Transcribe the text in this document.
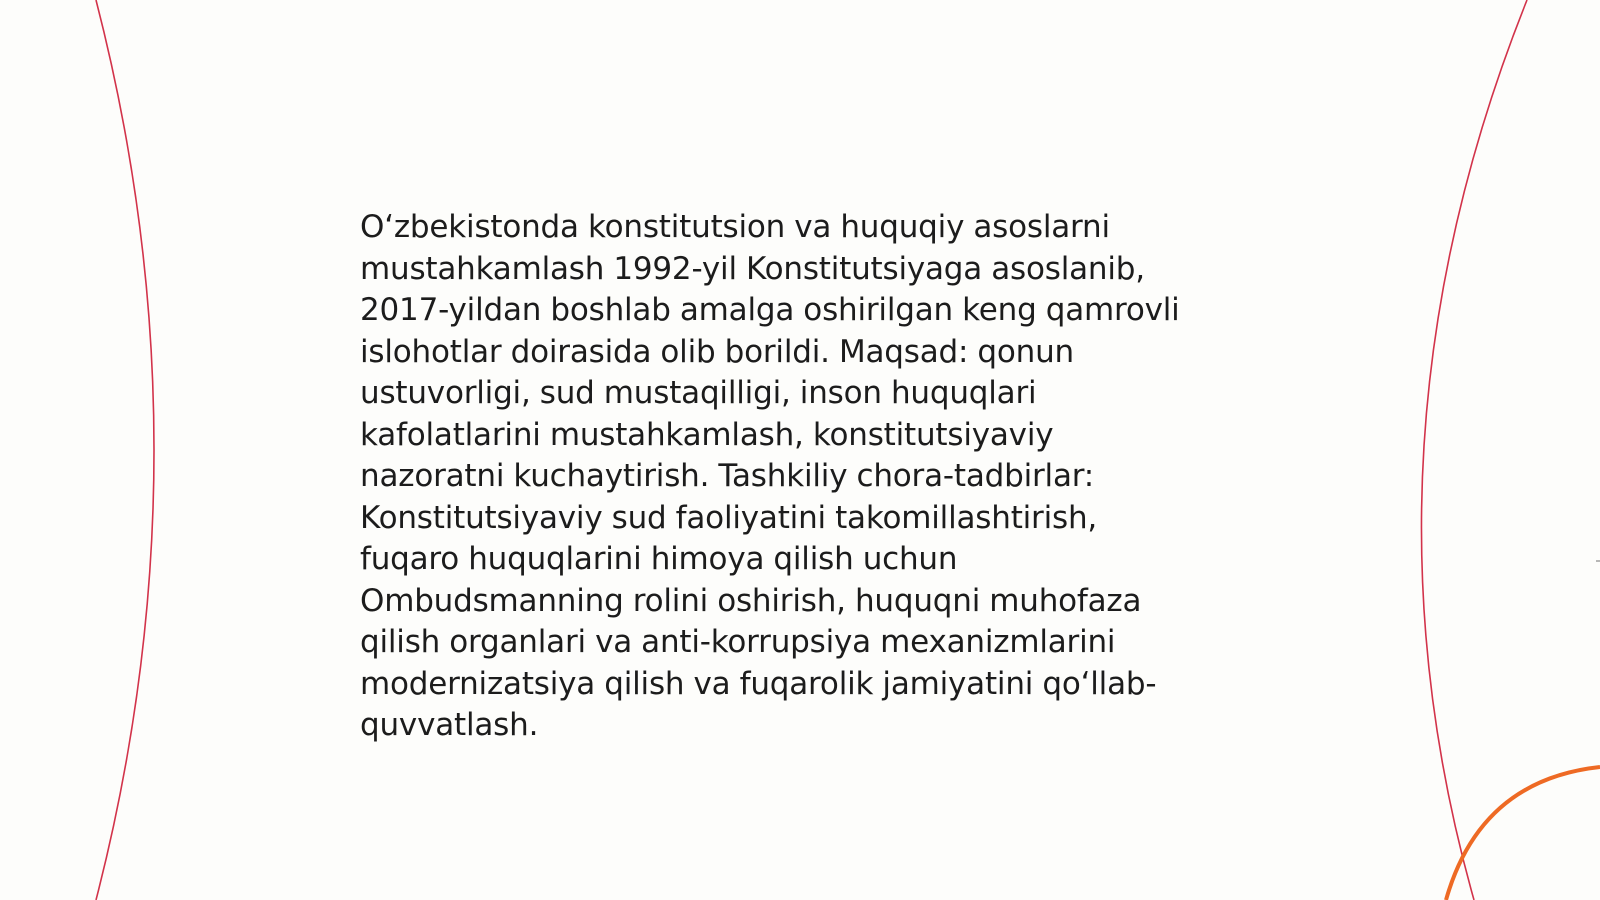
O‘zbekistonda konstitutsion va huquqiy asoslarni
mustahkamlash 1992-yil Konstitutsiyaga asoslanib,
2017-yildan boshlab amalga oshirilgan keng qamrovli
islohotlar doirasida olib borildi. Maqsad: qonun
ustuvorligi, sud mustaqilligi, inson huquqlari
kafolatlarini mustahkamlash, konstitutsiyaviy
nazoratni kuchaytirish. Tashkiliy chora-tadbirlar:
Konstitutsiyaviy sud faoliyatini takomillashtirish,
fuqaro huquqlarini himoya qilish uchun
Ombudsmanning rolini oshirish, huquqni muhofaza
qilish organlari va anti-korrupsiya mexanizmlarini
modernizatsiya qilish va fuqarolik jamiyatini qo‘llab-
quvvatlash.
